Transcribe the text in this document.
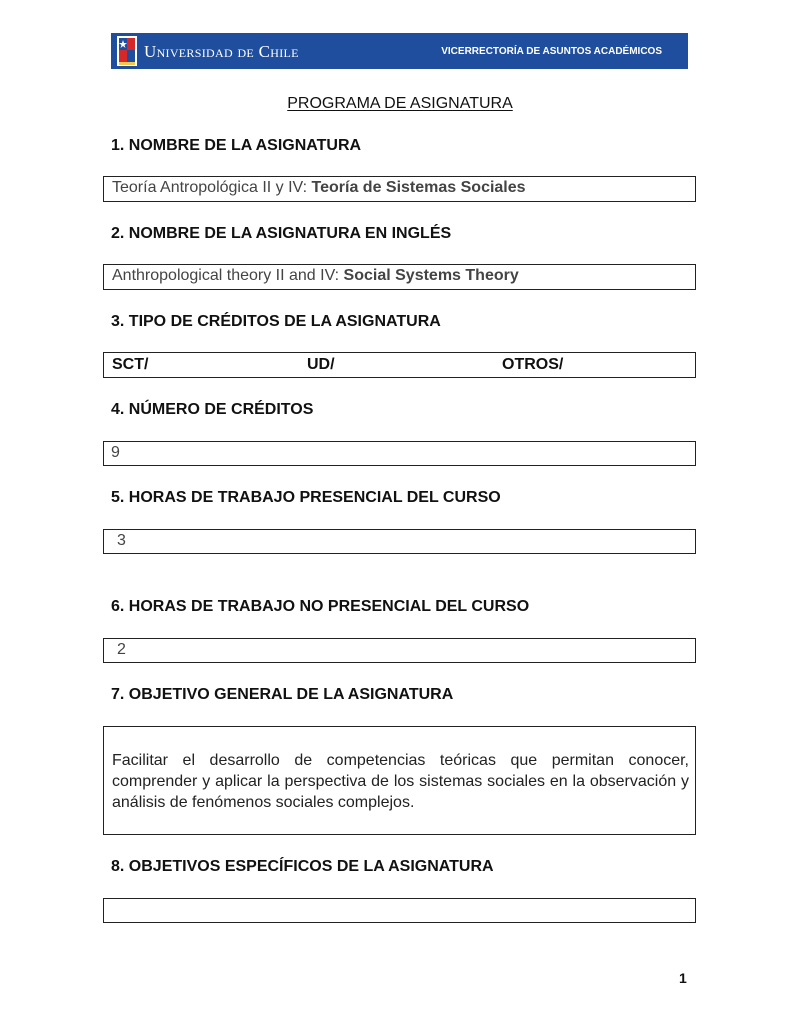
Universidad de Chile	VICERRECTORÍA DE ASUNTOS ACADÉMICOS
PROGRAMA DE ASIGNATURA
1. NOMBRE DE LA ASIGNATURA
Teoría Antropológica II y IV: Teoría de Sistemas Sociales
2. NOMBRE DE LA ASIGNATURA EN INGLÉS
Anthropological theory II and IV: Social Systems Theory
3. TIPO DE CRÉDITOS DE LA ASIGNATURA
SCT/	UD/	OTROS/
4. NÚMERO DE CRÉDITOS
9
5. HORAS DE TRABAJO PRESENCIAL DEL CURSO
3
6. HORAS DE TRABAJO NO PRESENCIAL DEL CURSO
2
7. OBJETIVO GENERAL DE LA ASIGNATURA
Facilitar el desarrollo de competencias teóricas que permitan conocer, comprender y aplicar la perspectiva de los sistemas sociales en la observación y análisis de fenómenos sociales complejos.
8. OBJETIVOS ESPECÍFICOS DE LA ASIGNATURA
1
